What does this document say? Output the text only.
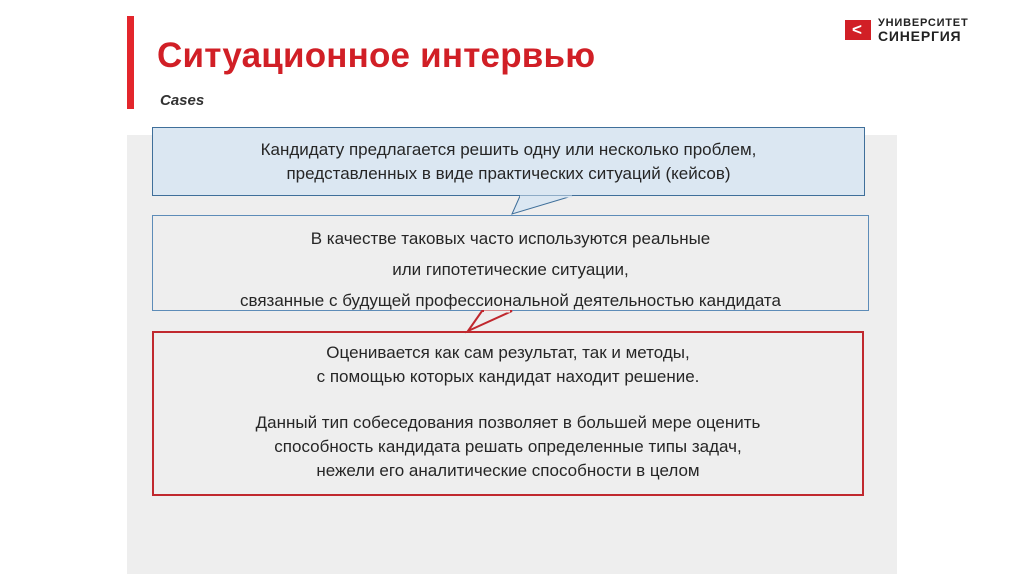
Ситуационное интервью
Cases
< УНИВЕРСИТЕТ
СИНЕРГИЯ
Кандидату предлагается решить одну или несколько проблем,
представленных в виде практических ситуаций (кейсов)
В качестве таковых часто используются реальные
или гипотетические ситуации,
связанные с будущей профессиональной деятельностью кандидата
Оценивается как сам результат, так и методы,
с помощью которых кандидат находит решение.
Данный тип собеседования позволяет в большей мере оценить
способность кандидата решать определенные типы задач,
нежели его аналитические способности в целом
